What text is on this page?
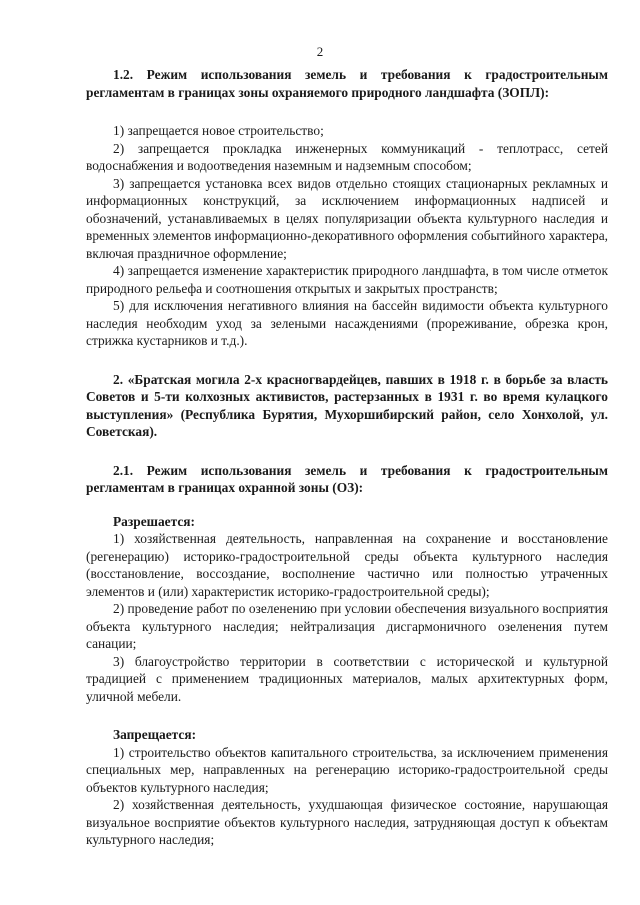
2

1.2. Режим использования земель и требования к градостроительным регламентам в границах зоны охраняемого природного ландшафта (ЗОПЛ):

1) запрещается новое строительство;

2) запрещается прокладка инженерных коммуникаций - теплотрасс, сетей водоснабжения и водоотведения наземным и надземным способом;

3) запрещается установка всех видов отдельно стоящих стационарных рекламных и информационных конструкций, за исключением информационных надписей и обозначений, устанавливаемых в целях популяризации объекта культурного наследия и временных элементов информационно-декоративного оформления событийного характера, включая праздничное оформление;

4) запрещается изменение характеристик природного ландшафта, в том числе отметок природного рельефа и соотношения открытых и закрытых пространств;

5) для исключения негативного влияния на бассейн видимости объекта культурного наследия необходим уход за зелеными насаждениями (прореживание, обрезка крон, стрижка кустарников и т.д.).

2. «Братская могила 2-х красногвардейцев, павших в 1918 г. в борьбе за власть Советов и 5-ти колхозных активистов, растерзанных в 1931 г. во время кулацкого выступления» (Республика Бурятия, Мухоршибирский район, село Хонхолой, ул. Советская).

2.1. Режим использования земель и требования к градостроительным регламентам в границах охранной зоны (ОЗ):

Разрешается:

1) хозяйственная деятельность, направленная на сохранение и восстановление (регенерацию) историко-градостроительной среды объекта культурного наследия (восстановление, воссоздание, восполнение частично или полностью утраченных элементов и (или) характеристик историко-градостроительной среды);

2) проведение работ по озеленению при условии обеспечения визуального восприятия объекта культурного наследия; нейтрализация дисгармоничного озеленения путем санации;

3) благоустройство территории в соответствии с исторической и культурной традицией с применением традиционных материалов, малых архитектурных форм, уличной мебели.

Запрещается:

1) строительство объектов капитального строительства, за исключением применения специальных мер, направленных на регенерацию историко-градостроительной среды объектов культурного наследия;

2) хозяйственная деятельность, ухудшающая физическое состояние, нарушающая визуальное восприятие объектов культурного наследия, затрудняющая доступ к объектам культурного наследия;
